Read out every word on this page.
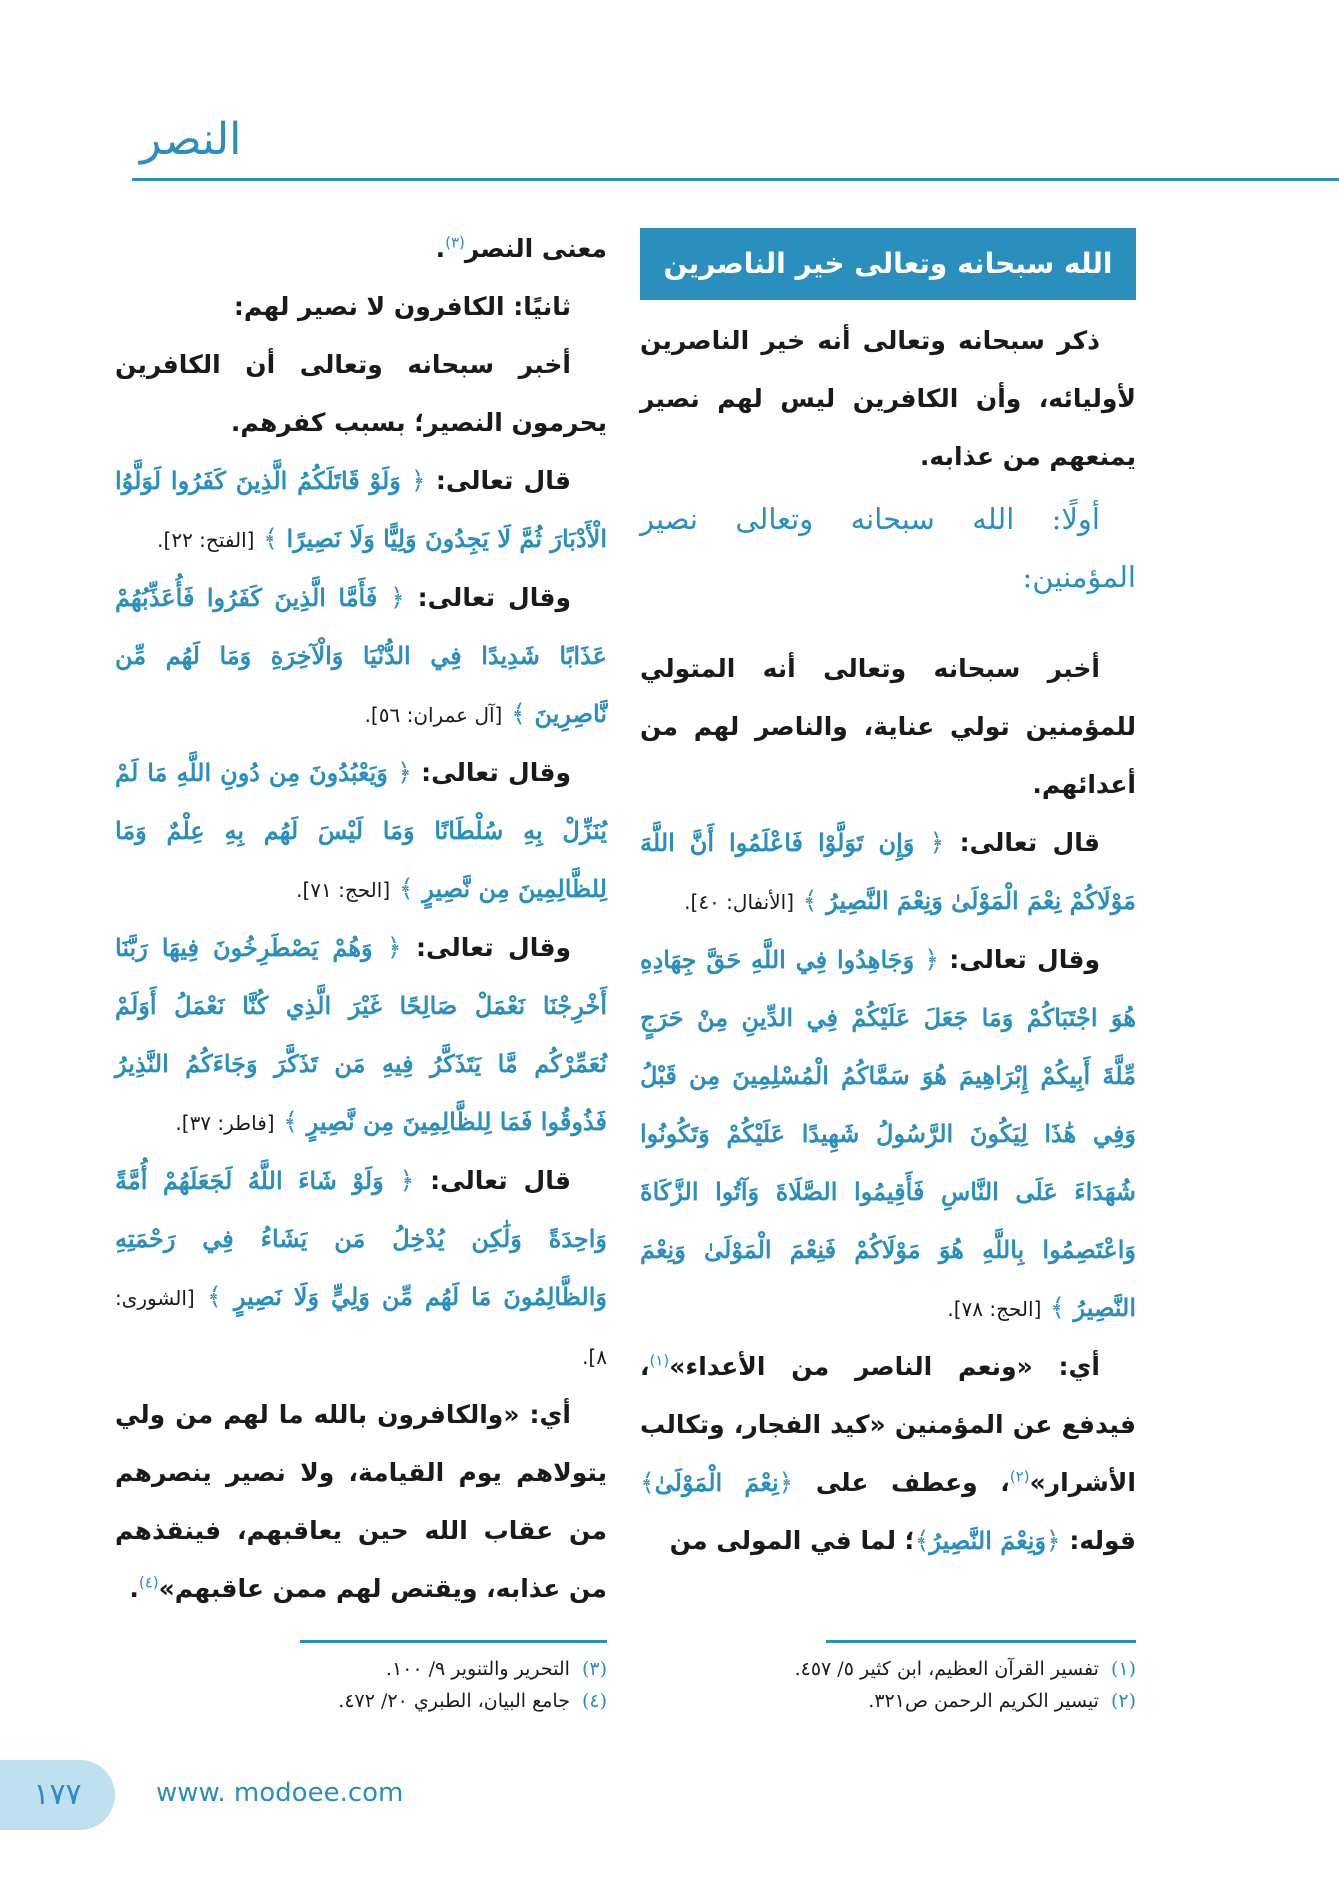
النصر
الله سبحانه وتعالى خير الناصرين

ذكر سبحانه وتعالى أنه خير الناصرين لأوليائه، وأن الكافرين ليس لهم نصير يمنعهم من عذابه.

أولًا: الله سبحانه وتعالى نصير المؤمنين:

أخبر سبحانه وتعالى أنه المتولي للمؤمنين تولي عناية، والناصر لهم من أعدائهم.

قال تعالى: ﴿ وَإِن تَوَلَّوْا فَاعْلَمُوا أَنَّ اللَّهَ مَوْلَاكُمْ نِعْمَ الْمَوْلَىٰ وَنِعْمَ النَّصِيرُ ﴾ [الأنفال: ٤٠].

وقال تعالى: ﴿ وَجَاهِدُوا فِي اللَّهِ حَقَّ جِهَادِهِ هُوَ اجْتَبَاكُمْ وَمَا جَعَلَ عَلَيْكُمْ فِي الدِّينِ مِنْ حَرَجٍ مِّلَّةَ أَبِيكُمْ إِبْرَاهِيمَ هُوَ سَمَّاكُمُ الْمُسْلِمِينَ مِن قَبْلُ وَفِي هَٰذَا لِيَكُونَ الرَّسُولُ شَهِيدًا عَلَيْكُمْ وَتَكُونُوا شُهَدَاءَ عَلَى النَّاسِ فَأَقِيمُوا الصَّلَاةَ وَآتُوا الزَّكَاةَ وَاعْتَصِمُوا بِاللَّهِ هُوَ مَوْلَاكُمْ فَنِعْمَ الْمَوْلَىٰ وَنِعْمَ النَّصِيرُ ﴾ [الحج: ٧٨].

أي: «ونعم الناصر من الأعداء»$^{(١)}$، فيدفع عن المؤمنين «كيد الفجار، وتكالب الأشرار»$^{(٢)}$، وعطف على ﴿نِعْمَ الْمَوْلَىٰ﴾ قوله: ﴿وَنِعْمَ النَّصِيرُ﴾؛ لما في المولى من

معنى النصر$^{(٣)}$.

ثانيًا: الكافرون لا نصير لهم:

أخبر سبحانه وتعالى أن الكافرين يحرمون النصير؛ بسبب كفرهم.

قال تعالى: ﴿ وَلَوْ قَاتَلَكُمُ الَّذِينَ كَفَرُوا لَوَلَّوُا الْأَدْبَارَ ثُمَّ لَا يَجِدُونَ وَلِيًّا وَلَا نَصِيرًا ﴾ [الفتح: ٢٢].

وقال تعالى: ﴿ فَأَمَّا الَّذِينَ كَفَرُوا فَأُعَذِّبُهُمْ عَذَابًا شَدِيدًا فِي الدُّنْيَا وَالْآخِرَةِ وَمَا لَهُم مِّن نَّاصِرِينَ ﴾ [آل عمران: ٥٦].

وقال تعالى: ﴿ وَيَعْبُدُونَ مِن دُونِ اللَّهِ مَا لَمْ يُنَزِّلْ بِهِ سُلْطَانًا وَمَا لَيْسَ لَهُم بِهِ عِلْمٌ وَمَا لِلظَّالِمِينَ مِن نَّصِيرٍ ﴾ [الحج: ٧١].

وقال تعالى: ﴿ وَهُمْ يَصْطَرِخُونَ فِيهَا رَبَّنَا أَخْرِجْنَا نَعْمَلْ صَالِحًا غَيْرَ الَّذِي كُنَّا نَعْمَلُ أَوَلَمْ نُعَمِّرْكُم مَّا يَتَذَكَّرُ فِيهِ مَن تَذَكَّرَ وَجَاءَكُمُ النَّذِيرُ فَذُوقُوا فَمَا لِلظَّالِمِينَ مِن نَّصِيرٍ ﴾ [فاطر: ٣٧].

قال تعالى: ﴿ وَلَوْ شَاءَ اللَّهُ لَجَعَلَهُمْ أُمَّةً وَاحِدَةً وَلَٰكِن يُدْخِلُ مَن يَشَاءُ فِي رَحْمَتِهِ وَالظَّالِمُونَ مَا لَهُم مِّن وَلِيٍّ وَلَا نَصِيرٍ ﴾ [الشورى: ٨].

أي: «والكافرون بالله ما لهم من ولي يتولاهم يوم القيامة، ولا نصير ينصرهم من عقاب الله حين يعاقبهم، فينقذهم من عذابه، ويقتص لهم ممن عاقبهم»$^{(٤)}$.

(١)تفسير القرآن العظيم، ابن كثير ٥/ ٤٥٧.
(٢)تيسير الكريم الرحمن ص٣٢١.
(٣)التحرير والتنوير ٩/ ١٠٠.
(٤)جامع البيان، الطبري ٢٠/ ٤٧٢.
١٧٧	www. modoee.com
